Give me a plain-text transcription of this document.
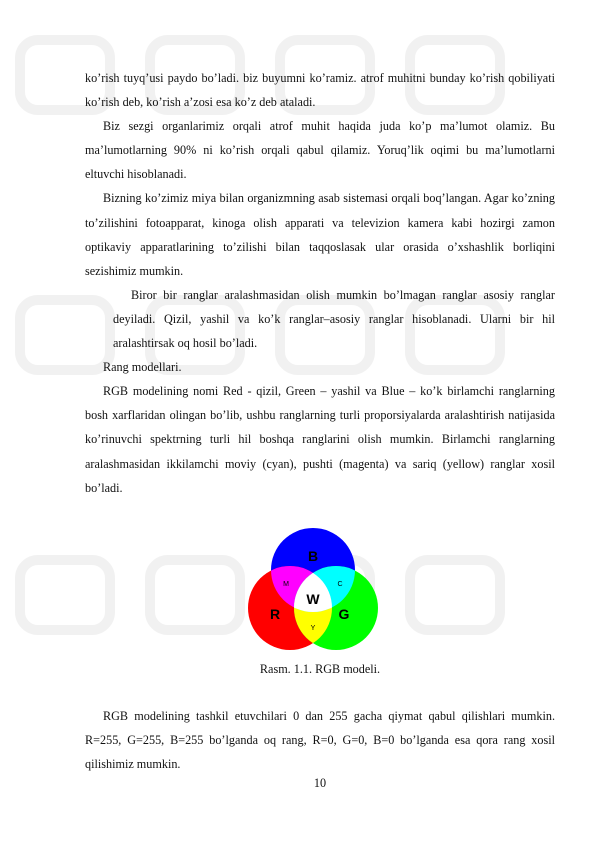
ko’rish tuyq’usi paydo bo’ladi. biz buyumni ko’ramiz. atrof muhitni bunday ko’rish qobiliyati ko’rish deb, ko’rish a’zosi esa ko’z deb ataladi.

Biz sezgi organlarimiz orqali atrof muhit haqida juda ko’p ma’lumot olamiz. Bu ma’lumotlarning 90% ni ko’rish orqali qabul qilamiz. Yoruq’lik oqimi bu ma’lumotlarni eltuvchi hisoblanadi.

Bizning ko’zimiz miya bilan organizmning asab sistemasi orqali boq’langan. Agar ko’zning to’zilishini fotoapparat, kinoga olish apparati va televizion kamera kabi hozirgi zamon optikaviy apparatlarining to’zilishi bilan taqqoslasak ular orasida o’xshashlik borliqini sezishimiz mumkin.

Biror bir ranglar aralashmasidan olish mumkin bo’lmagan ranglar asosiy ranglar deyiladi. Qizil, yashil va ko’k ranglar–asosiy ranglar hisoblanadi. Ularni bir hil aralashtirsak oq hosil bo’ladi.

Rang modellari.

RGB modelining nomi Red - qizil, Green – yashil va Blue – ko’k birlamchi ranglarning bosh xarflaridan olingan bo’lib, ushbu ranglarning turli proporsiyalarda aralashtirish natijasida ko’rinuvchi spektrning turli hil boshqa ranglarini olish mumkin. Birlamchi ranglarning aralashmasidan ikkilamchi moviy (cyan), pushti (magenta) va sariq (yellow) ranglar xosil bo’ladi.

B
M	C
W
R	G
Y
Rasm. 1.1. RGB modeli.

RGB modelining tashkil etuvchilari 0 dan 255 gacha qiymat qabul qilishlari mumkin. R=255, G=255, B=255 bo’lganda oq rang, R=0, G=0, B=0 bo’lganda esa qora rang xosil qilishimiz mumkin.

10
